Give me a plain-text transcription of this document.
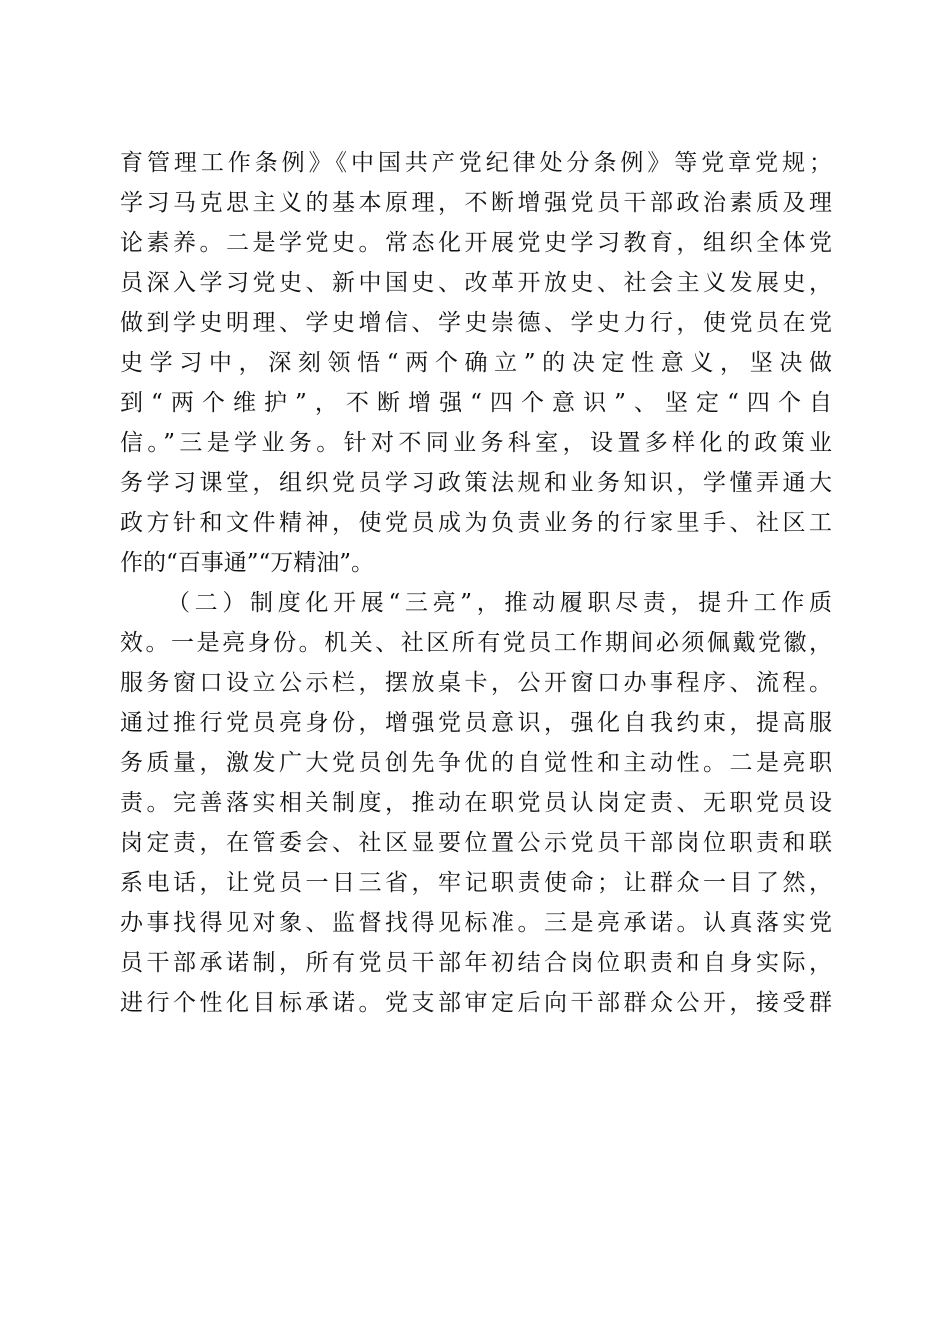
育管理工作条例》《中国共产党纪律处分条例》等党章党规；
学习马克思主义的基本原理，不断增强党员干部政治素质及理
论素养。二是学党史。常态化开展党史学习教育，组织全体党
员深入学习党史、新中国史、改革开放史、社会主义发展史，
做到学史明理、学史增信、学史崇德、学史力行，使党员在党
史学习中，深刻领悟“两个确立”的决定性意义，坚决做
到“两个维护”，不断增强“四个意识”、坚定“四个自
信。”三是学业务。针对不同业务科室，设置多样化的政策业
务学习课堂，组织党员学习政策法规和业务知识，学懂弄通大
政方针和文件精神，使党员成为负责业务的行家里手、社区工
作的“百事通”“万精油”。
（二）制度化开展“三亮”，推动履职尽责，提升工作质
效。一是亮身份。机关、社区所有党员工作期间必须佩戴党徽，
服务窗口设立公示栏，摆放桌卡，公开窗口办事程序、流程。
通过推行党员亮身份，增强党员意识，强化自我约束，提高服
务质量，激发广大党员创先争优的自觉性和主动性。二是亮职
责。完善落实相关制度，推动在职党员认岗定责、无职党员设
岗定责，在管委会、社区显要位置公示党员干部岗位职责和联
系电话，让党员一日三省，牢记职责使命；让群众一目了然，
办事找得见对象、监督找得见标准。三是亮承诺。认真落实党
员干部承诺制，所有党员干部年初结合岗位职责和自身实际，
进行个性化目标承诺。党支部审定后向干部群众公开，接受群
